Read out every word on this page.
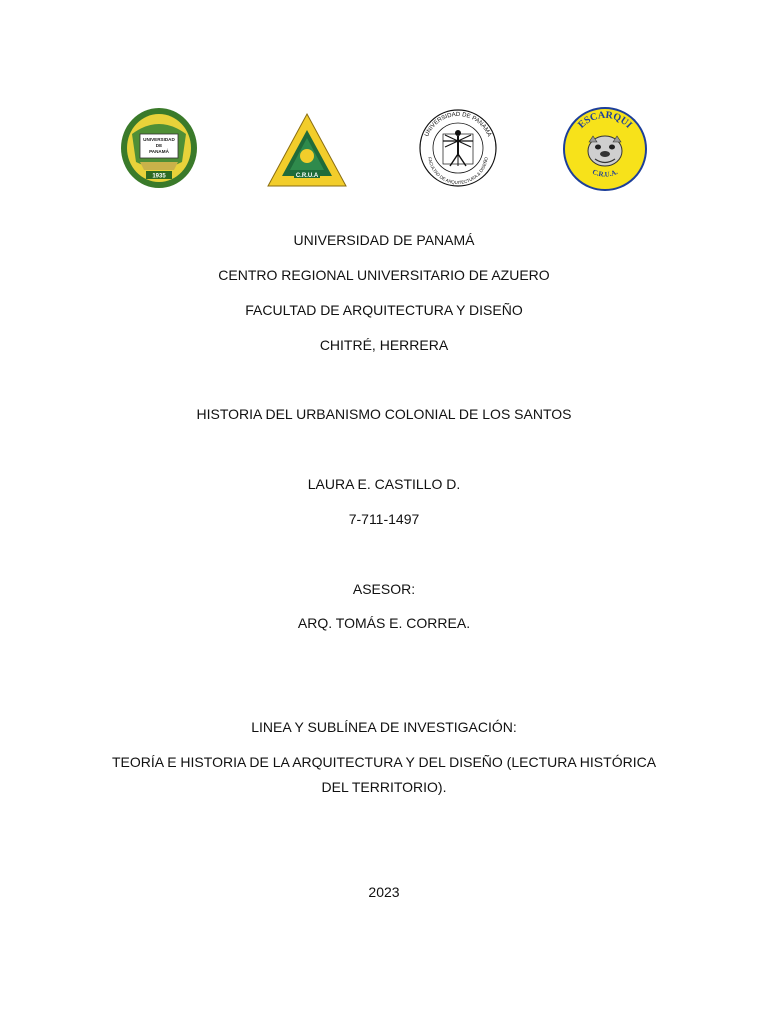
UNIVERSIDAD
DE
PANAMÁ
1935	C.R.U.A
UNIVERSIDAD DE PANAMÁ
FACULTAD DE ARQUITECTURA & DISEÑO
ESCARQUI
C.R.U.A.
UNIVERSIDAD DE PANAMÁ
CENTRO REGIONAL UNIVERSITARIO DE AZUERO
FACULTAD DE ARQUITECTURA Y DISEÑO
CHITRÉ, HERRERA
HISTORIA DEL URBANISMO COLONIAL DE LOS SANTOS
LAURA E. CASTILLO D.
7-711-1497
ASESOR:
ARQ. TOMÁS E. CORREA.
LINEA Y SUBLÍNEA DE INVESTIGACIÓN:
TEORÍA E HISTORIA DE LA ARQUITECTURA Y DEL DISEÑO (LECTURA HISTÓRICA DEL TERRITORIO).
2023
